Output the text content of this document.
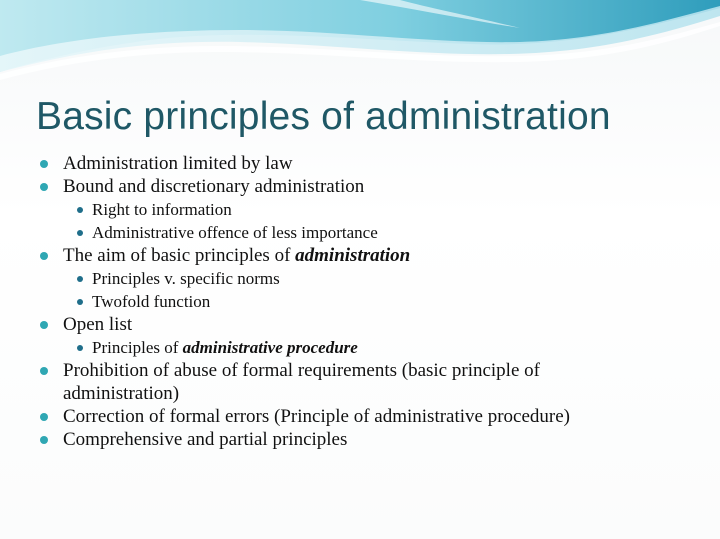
Basic principles of administration
Administration limited by law
Bound and discretionary administration
Right to information
Administrative offence of less importance
The aim of basic principles of administration
Principles v. specific norms
Twofold function
Open list
Principles of administrative procedure
Prohibition of abuse of formal requirements (basic principle of
administration)
Correction of formal errors (Principle of administrative procedure)
Comprehensive and partial principles
